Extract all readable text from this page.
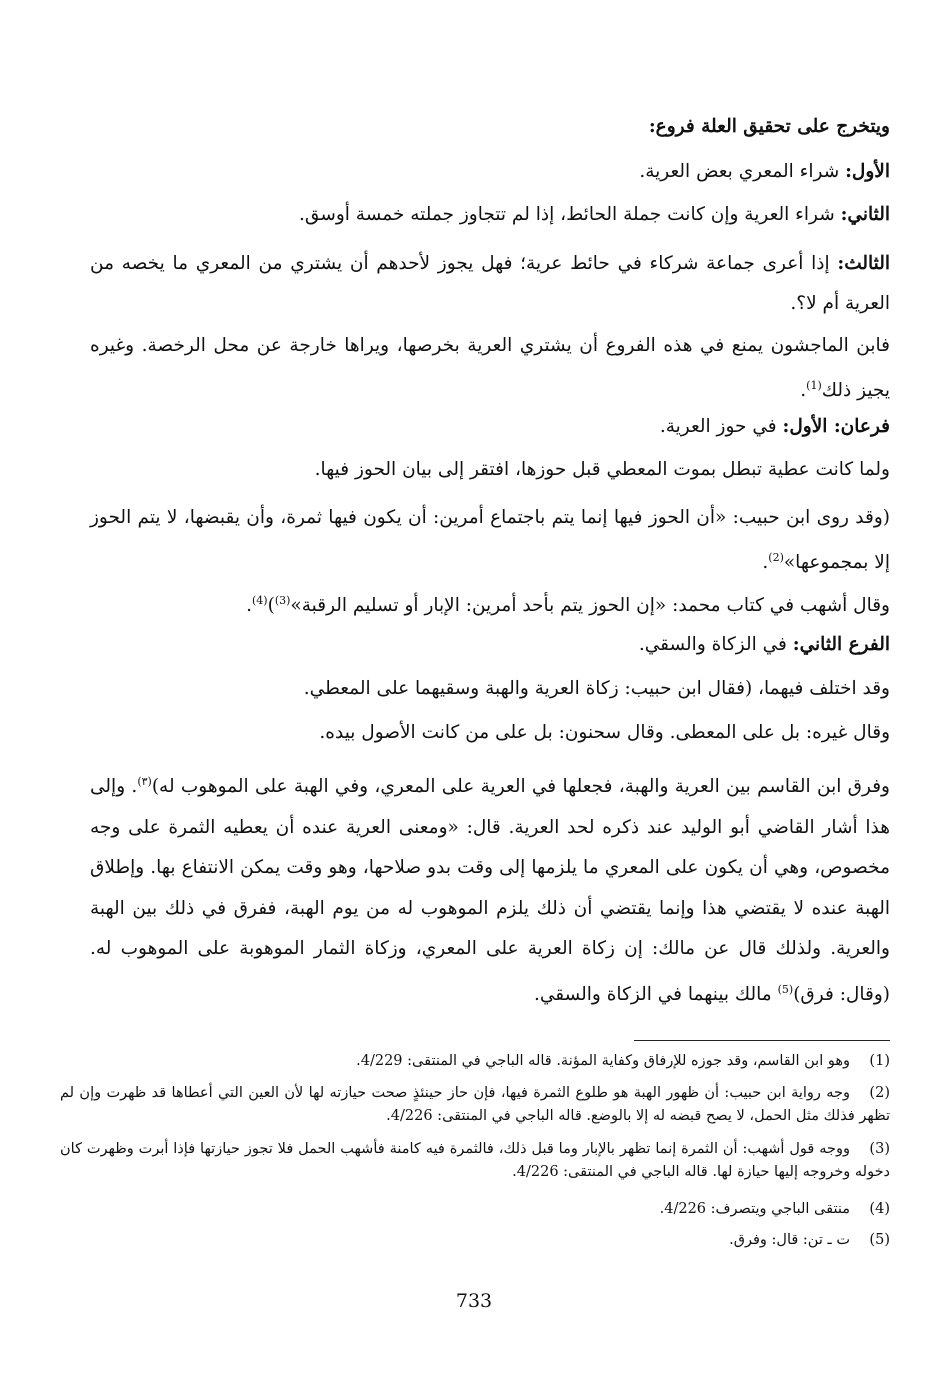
ويتخرج على تحقيق العلة فروع:
الأول: شراء المعري بعض العرية.
الثاني: شراء العرية وإن كانت جملة الحائط، إذا لم تتجاوز جملته خمسة أوسق.
الثالث: إذا أعرى جماعة شركاء في حائط عرية؛ فهل يجوز لأحدهم أن يشتري من المعري ما يخصه من العرية أم لا؟.
فابن الماجشون يمنع في هذه الفروع أن يشتري العرية بخرصها، ويراها خارجة عن محل الرخصة. وغيره يجيز ذلك$^{(1)}$.
فرعان: الأول: في حوز العرية.
ولما كانت عطية تبطل بموت المعطي قبل حوزها، افتقر إلى بيان الحوز فيها.
(وقد روى ابن حبيب: «أن الحوز فيها إنما يتم باجتماع أمرين: أن يكون فيها ثمرة، وأن يقبضها، لا يتم الحوز إلا بمجموعها»$^{(2)}$.
وقال أشهب في كتاب محمد: «إن الحوز يتم بأحد أمرين: الإبار أو تسليم الرقبة»$^{(3)}$)$^{(4)}$.
الفرع الثاني: في الزكاة والسقي.
وقد اختلف فيهما، (فقال ابن حبيب: زكاة العرية والهبة وسقيهما على المعطي.
وقال غيره: بل على المعطى. وقال سحنون: بل على من كانت الأصول بيده.
وفرق ابن القاسم بين العرية والهبة، فجعلها في العرية على المعري، وفي الهبة على الموهوب له)$^{(٣)}$. وإلى هذا أشار القاضي أبو الوليد عند ذكره لحد العرية. قال: «ومعنى العرية عنده أن يعطيه الثمرة على وجه مخصوص، وهي أن يكون على المعري ما يلزمها إلى وقت بدو صلاحها، وهو وقت يمكن الانتفاع بها. وإطلاق الهبة عنده لا يقتضي هذا وإنما يقتضي أن ذلك يلزم الموهوب له من يوم الهبة، ففرق في ذلك بين الهبة والعرية. ولذلك قال عن مالك: إن زكاة العرية على المعري، وزكاة الثمار الموهوبة على الموهوب له. (وقال: فرق)$^{(5)}$ مالك بينهما في الزكاة والسقي.
(1)وهو ابن القاسم، وقد جوزه للإرفاق وكفاية المؤنة. قاله الباجي في المنتقى: 4/229.
(2)وجه رواية ابن حبيب: أن ظهور الهبة هو طلوع الثمرة فيها، فإن حاز حينئذٍ صحت حيازته لها لأن العين التي أعطاها قد ظهرت وإن لم تظهر فذلك مثل الحمل، لا يصح قبضه له إلا بالوضع. قاله الباجي في المنتقى: 4/226.
(3)ووجه قول أشهب: أن الثمرة إنما تظهر بالإبار وما قبل ذلك، فالثمرة فيه كامنة فأشهب الحمل فلا تجوز حيازتها فإذا أبرت وظهرت كان دخوله وخروجه إليها حيازة لها. قاله الباجي في المنتقى: 4/226.
(4)منتقى الباجي ويتصرف: 4/226.
(5)ت ـ تن: قال: وفرق.
733
